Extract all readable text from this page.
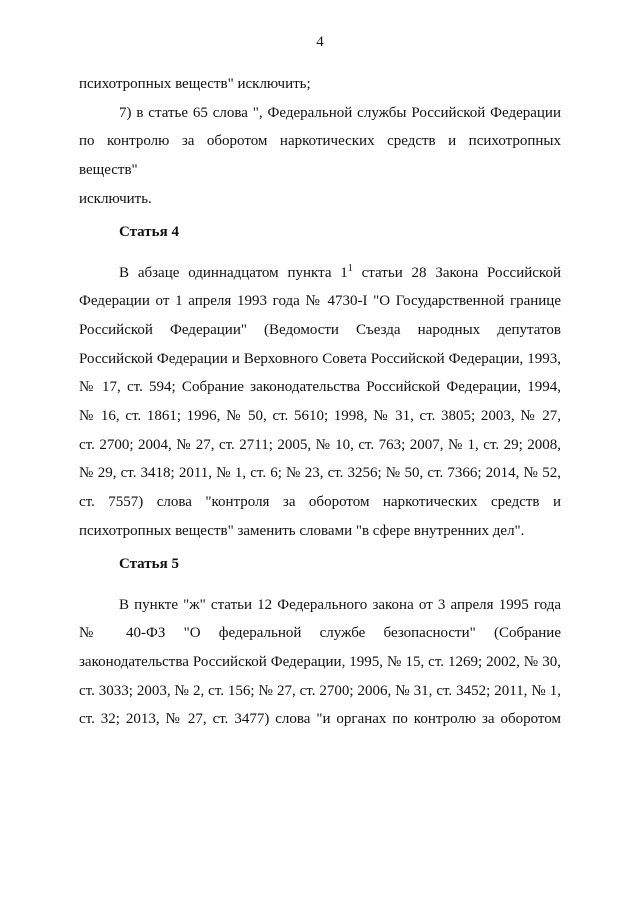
4
психотропных веществ" исключить;
7) в статье 65 слова ", Федеральной службы Российской Федерации
по контролю за оборотом наркотических средств и психотропных веществ"
исключить.
Статья 4
В абзаце одиннадцатом пункта $1^1$ статьи 28 Закона Российской
Федерации от 1 апреля 1993 года № 4730-I "О Государственной границе
Российской Федерации" (Ведомости Съезда народных депутатов
Российской Федерации и Верховного Совета Российской Федерации, 1993,
№ 17, ст. 594; Собрание законодательства Российской Федерации, 1994,
№ 16, ст. 1861; 1996, № 50, ст. 5610; 1998, № 31, ст. 3805; 2003, № 27,
ст. 2700; 2004, № 27, ст. 2711; 2005, № 10, ст. 763; 2007, № 1, ст. 29; 2008,
№ 29, ст. 3418; 2011, № 1, ст. 6; № 23, ст. 3256; № 50, ст. 7366; 2014, № 52,
ст. 7557) слова "контроля за оборотом наркотических средств и
психотропных веществ" заменить словами "в сфере внутренних дел".
Статья 5
В пункте "ж" статьи 12 Федерального закона от 3 апреля 1995 года
№ 40-ФЗ "О федеральной службе безопасности" (Собрание
законодательства Российской Федерации, 1995, № 15, ст. 1269; 2002, № 30,
ст. 3033; 2003, № 2, ст. 156; № 27, ст. 2700; 2006, № 31, ст. 3452; 2011, № 1,
ст. 32; 2013, № 27, ст. 3477) слова "и органах по контролю за оборотом
